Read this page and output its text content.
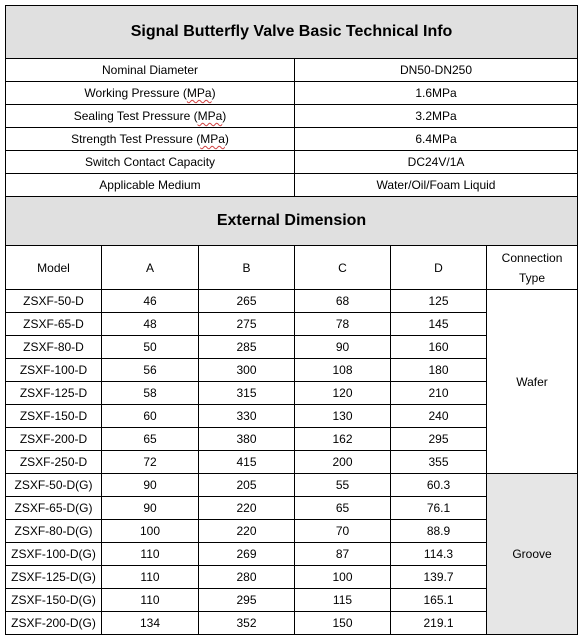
Signal Butterfly Valve Basic Technical Info					
Nominal Diameter			DN50-DN250		
Working Pressure (MPa)			1.6MPa		
Sealing Test Pressure (MPa)			3.2MPa		
Strength Test Pressure (MPa)			6.4MPa		
Switch Contact Capacity			DC24V/1A		
Applicable Medium			Water/Oil/Foam Liquid		
External Dimension					
Model	A	B	C	D	Connection Type
ZSXF-50-D	46	265	68	125	Wafer
ZSXF-65-D	48	275	78	145	
ZSXF-80-D	50	285	90	160	
ZSXF-100-D	56	300	108	180	
ZSXF-125-D	58	315	120	210	
ZSXF-150-D	60	330	130	240	
ZSXF-200-D	65	380	162	295	
ZSXF-250-D	72	415	200	355	
ZSXF-50-D(G)	90	205	55	60.3	Groove
ZSXF-65-D(G)	90	220	65	76.1	
ZSXF-80-D(G)	100	220	70	88.9	
ZSXF-100-D(G)	110	269	87	114.3	
ZSXF-125-D(G)	110	280	100	139.7	
ZSXF-150-D(G)	110	295	115	165.1	
ZSXF-200-D(G)	134	352	150	219.1	
